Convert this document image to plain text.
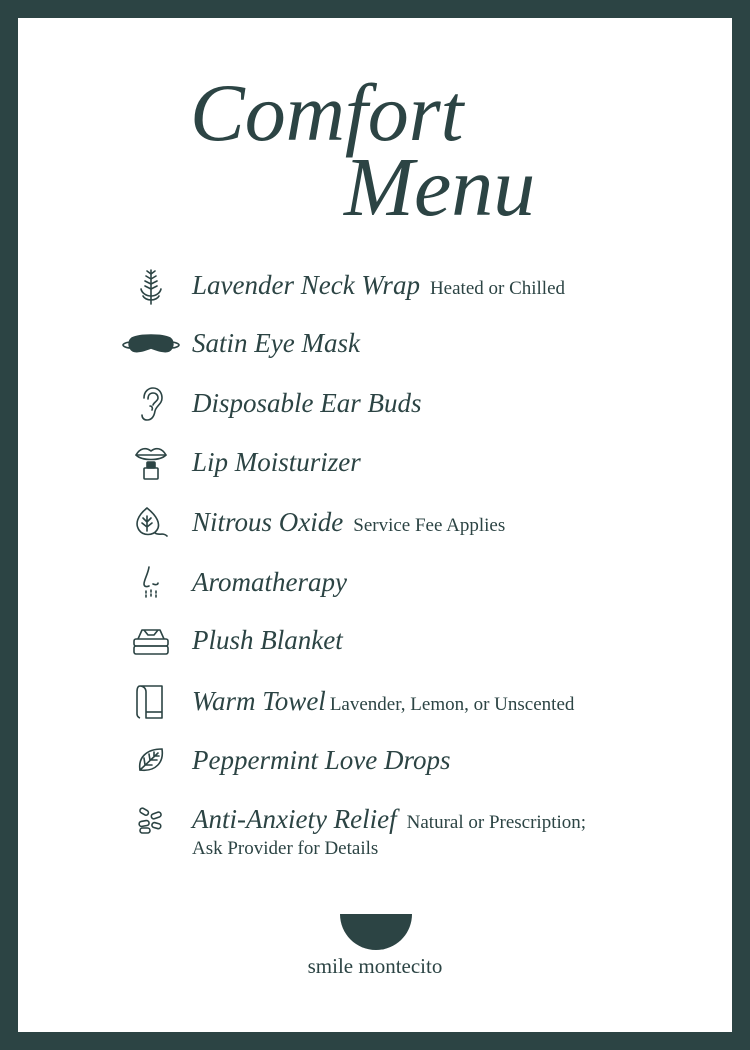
Comfort
Menu
Lavender Neck Wrap Heated or Chilled
Satin Eye Mask
Disposable Ear Buds
Lip Moisturizer
Nitrous Oxide Service Fee Applies
Aromatherapy
Plush Blanket
Warm Towel Lavender, Lemon, or Unscented
Peppermint Love Drops
Anti-Anxiety Relief Natural or Prescription;
Ask Provider for Details
smile montecito
